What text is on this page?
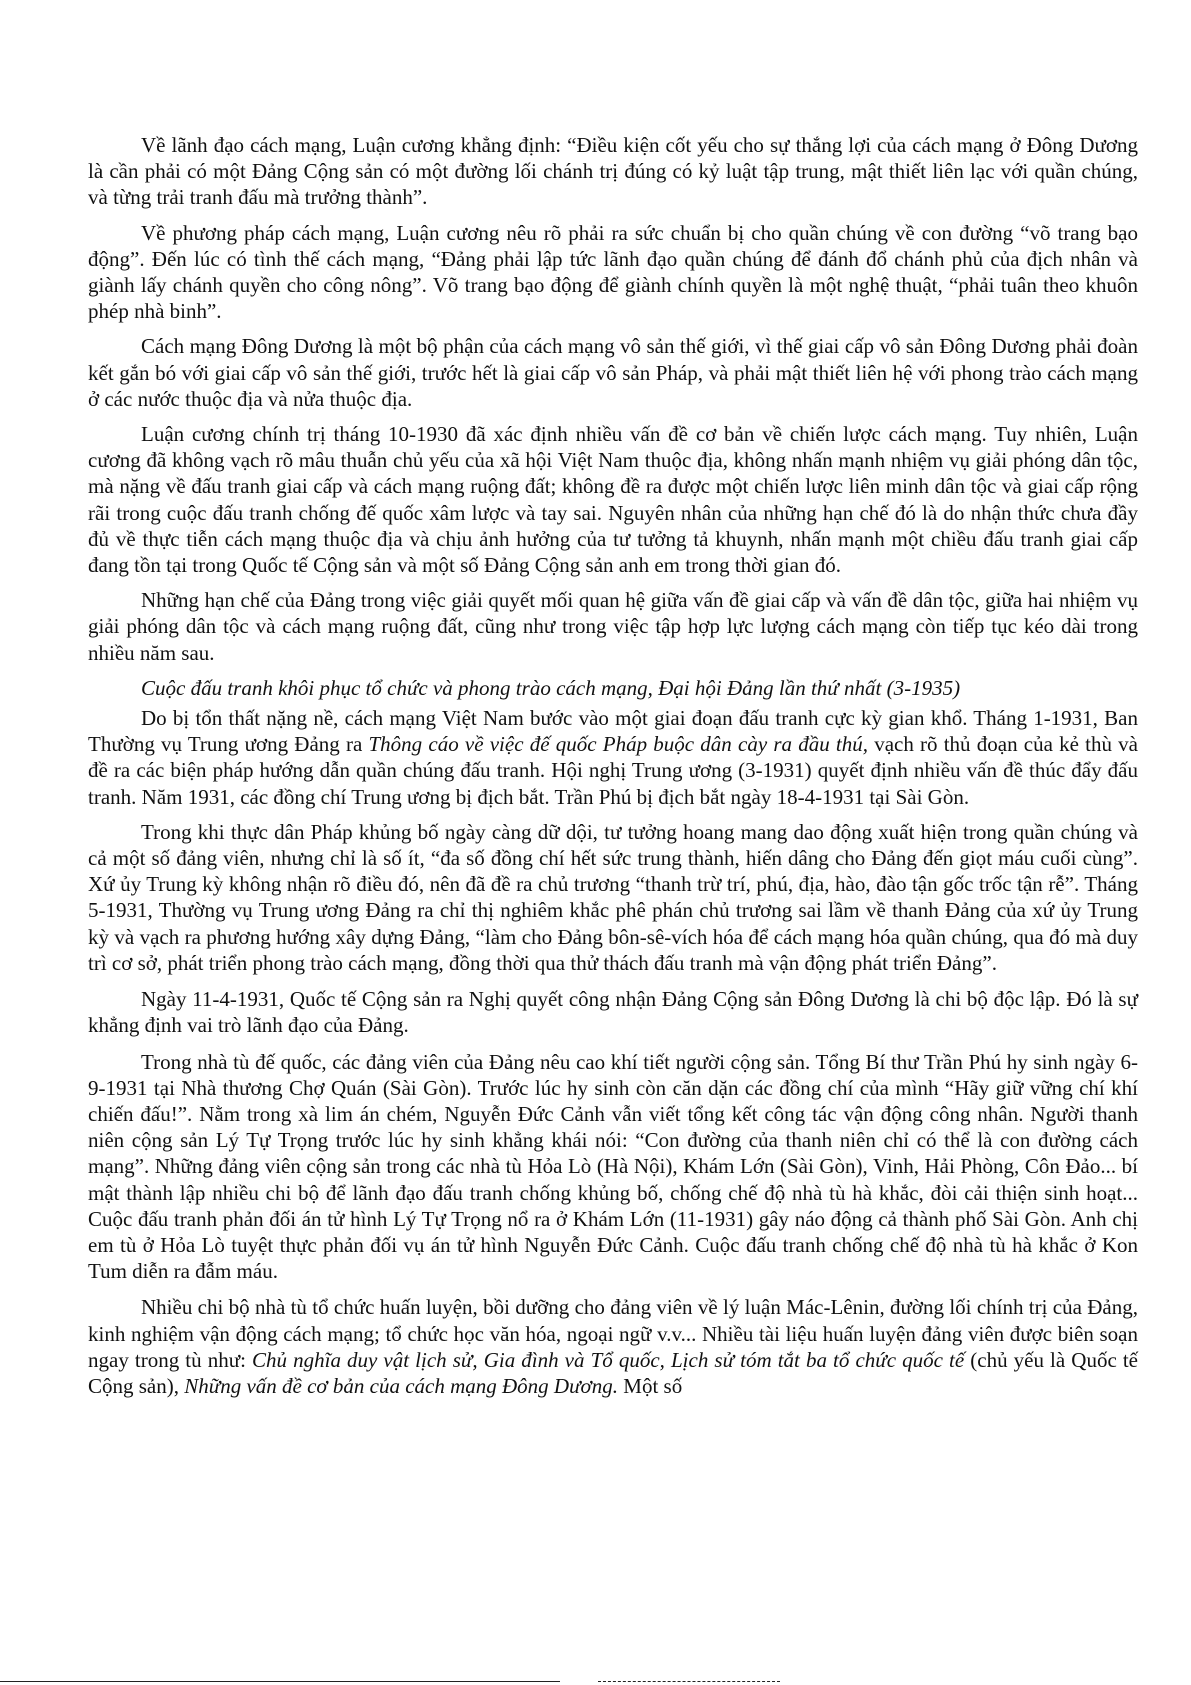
Về lãnh đạo cách mạng, Luận cương khẳng định: “Điều kiện cốt yếu cho sự thắng lợi của cách mạng ở Đông Dương là cần phải có một Đảng Cộng sản có một đường lối chánh trị đúng có kỷ luật tập trung, mật thiết liên lạc với quần chúng, và từng trải tranh đấu mà trưởng thành”.

Về phương pháp cách mạng, Luận cương nêu rõ phải ra sức chuẩn bị cho quần chúng về con đường “võ trang bạo động”. Đến lúc có tình thế cách mạng, “Đảng phải lập tức lãnh đạo quần chúng để đánh đổ chánh phủ của địch nhân và giành lấy chánh quyền cho công nông”. Võ trang bạo động để giành chính quyền là một nghệ thuật, “phải tuân theo khuôn phép nhà binh”.

Cách mạng Đông Dương là một bộ phận của cách mạng vô sản thế giới, vì thế giai cấp vô sản Đông Dương phải đoàn kết gắn bó với giai cấp vô sản thế giới, trước hết là giai cấp vô sản Pháp, và phải mật thiết liên hệ với phong trào cách mạng ở các nước thuộc địa và nửa thuộc địa.

Luận cương chính trị tháng 10-1930 đã xác định nhiều vấn đề cơ bản về chiến lược cách mạng. Tuy nhiên, Luận cương đã không vạch rõ mâu thuẫn chủ yếu của xã hội Việt Nam thuộc địa, không nhấn mạnh nhiệm vụ giải phóng dân tộc, mà nặng về đấu tranh giai cấp và cách mạng ruộng đất; không đề ra được một chiến lược liên minh dân tộc và giai cấp rộng rãi trong cuộc đấu tranh chống đế quốc xâm lược và tay sai. Nguyên nhân của những hạn chế đó là do nhận thức chưa đầy đủ về thực tiễn cách mạng thuộc địa và chịu ảnh hưởng của tư tưởng tả khuynh, nhấn mạnh một chiều đấu tranh giai cấp đang tồn tại trong Quốc tế Cộng sản và một số Đảng Cộng sản anh em trong thời gian đó.

Những hạn chế của Đảng trong việc giải quyết mối quan hệ giữa vấn đề giai cấp và vấn đề dân tộc, giữa hai nhiệm vụ giải phóng dân tộc và cách mạng ruộng đất, cũng như trong việc tập hợp lực lượng cách mạng còn tiếp tục kéo dài trong nhiều năm sau.

Cuộc đấu tranh khôi phục tổ chức và phong trào cách mạng, Đại hội Đảng lần thứ nhất (3-1935)

Do bị tổn thất nặng nề, cách mạng Việt Nam bước vào một giai đoạn đấu tranh cực kỳ gian khổ. Tháng 1-1931, Ban Thường vụ Trung ương Đảng ra Thông cáo về việc đế quốc Pháp buộc dân cày ra đầu thú, vạch rõ thủ đoạn của kẻ thù và đề ra các biện pháp hướng dẫn quần chúng đấu tranh. Hội nghị Trung ương (3-1931) quyết định nhiều vấn đề thúc đẩy đấu tranh. Năm 1931, các đồng chí Trung ương bị địch bắt. Trần Phú bị địch bắt ngày 18-4-1931 tại Sài Gòn.

Trong khi thực dân Pháp khủng bố ngày càng dữ dội, tư tưởng hoang mang dao động xuất hiện trong quần chúng và cả một số đảng viên, nhưng chỉ là số ít, “đa số đồng chí hết sức trung thành, hiến dâng cho Đảng đến giọt máu cuối cùng”. Xứ ủy Trung kỳ không nhận rõ điều đó, nên đã đề ra chủ trương “thanh trừ trí, phú, địa, hào, đào tận gốc trốc tận rễ”. Tháng 5-1931, Thường vụ Trung ương Đảng ra chỉ thị nghiêm khắc phê phán chủ trương sai lầm về thanh Đảng của xứ ủy Trung kỳ và vạch ra phương hướng xây dựng Đảng, “làm cho Đảng bôn-sê-vích hóa để cách mạng hóa quần chúng, qua đó mà duy trì cơ sở, phát triển phong trào cách mạng, đồng thời qua thử thách đấu tranh mà vận động phát triển Đảng”.

Ngày 11-4-1931, Quốc tế Cộng sản ra Nghị quyết công nhận Đảng Cộng sản Đông Dương là chi bộ độc lập. Đó là sự khẳng định vai trò lãnh đạo của Đảng.

Trong nhà tù đế quốc, các đảng viên của Đảng nêu cao khí tiết người cộng sản. Tổng Bí thư Trần Phú hy sinh ngày 6-9-1931 tại Nhà thương Chợ Quán (Sài Gòn). Trước lúc hy sinh còn căn dặn các đồng chí của mình “Hãy giữ vững chí khí chiến đấu!”. Nằm trong xà lim án chém, Nguyễn Đức Cảnh vẫn viết tổng kết công tác vận động công nhân. Người thanh niên cộng sản Lý Tự Trọng trước lúc hy sinh khẳng khái nói: “Con đường của thanh niên chỉ có thể là con đường cách mạng”. Những đảng viên cộng sản trong các nhà tù Hỏa Lò (Hà Nội), Khám Lớn (Sài Gòn), Vinh, Hải Phòng, Côn Đảo... bí mật thành lập nhiều chi bộ để lãnh đạo đấu tranh chống khủng bố, chống chế độ nhà tù hà khắc, đòi cải thiện sinh hoạt... Cuộc đấu tranh phản đối án tử hình Lý Tự Trọng nổ ra ở Khám Lớn (11-1931) gây náo động cả thành phố Sài Gòn. Anh chị em tù ở Hỏa Lò tuyệt thực phản đối vụ án tử hình Nguyễn Đức Cảnh. Cuộc đấu tranh chống chế độ nhà tù hà khắc ở Kon Tum diễn ra đẫm máu.

Nhiều chi bộ nhà tù tổ chức huấn luyện, bồi dưỡng cho đảng viên về lý luận Mác-Lênin, đường lối chính trị của Đảng, kinh nghiệm vận động cách mạng; tổ chức học văn hóa, ngoại ngữ v.v... Nhiều tài liệu huấn luyện đảng viên được biên soạn ngay trong tù như: Chủ nghĩa duy vật lịch sử, Gia đình và Tổ quốc, Lịch sử tóm tắt ba tổ chức quốc tế (chủ yếu là Quốc tế Cộng sản), Những vấn đề cơ bản của cách mạng Đông Dương. Một số
